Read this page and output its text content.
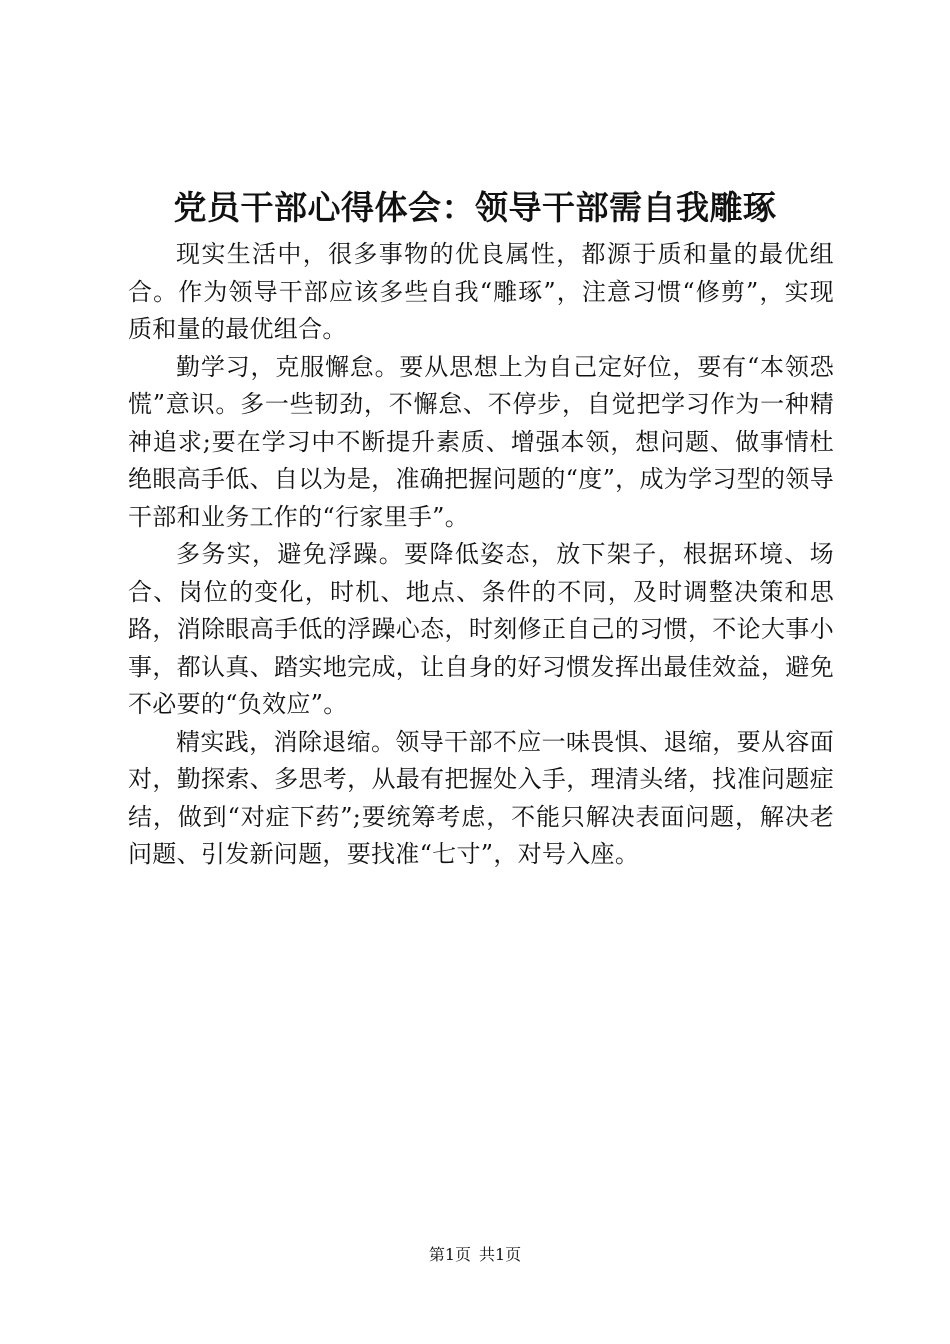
党员干部心得体会：领导干部需自我雕琢

现实生活中，很多事物的优良属性，都源于质和量的最优组合。作为领导干部应该多些自我“雕琢”，注意习惯“修剪”，实现质和量的最优组合。

勤学习，克服懈怠。要从思想上为自己定好位，要有“本领恐慌”意识。多一些韧劲，不懈怠、不停步，自觉把学习作为一种精神追求;要在学习中不断提升素质、增强本领，想问题、做事情杜绝眼高手低、自以为是，准确把握问题的“度”，成为学习型的领导干部和业务工作的“行家里手”。

多务实，避免浮躁。要降低姿态，放下架子，根据环境、场合、岗位的变化，时机、地点、条件的不同，及时调整决策和思路，消除眼高手低的浮躁心态，时刻修正自己的习惯，不论大事小事，都认真、踏实地完成，让自身的好习惯发挥出最佳效益，避免不必要的“负效应”。

精实践，消除退缩。领导干部不应一味畏惧、退缩，要从容面对，勤探索、多思考，从最有把握处入手，理清头绪，找准问题症结，做到“对症下药”;要统筹考虑，不能只解决表面问题，解决老问题、引发新问题，要找准“七寸”，对号入座。

第1页 共1页
